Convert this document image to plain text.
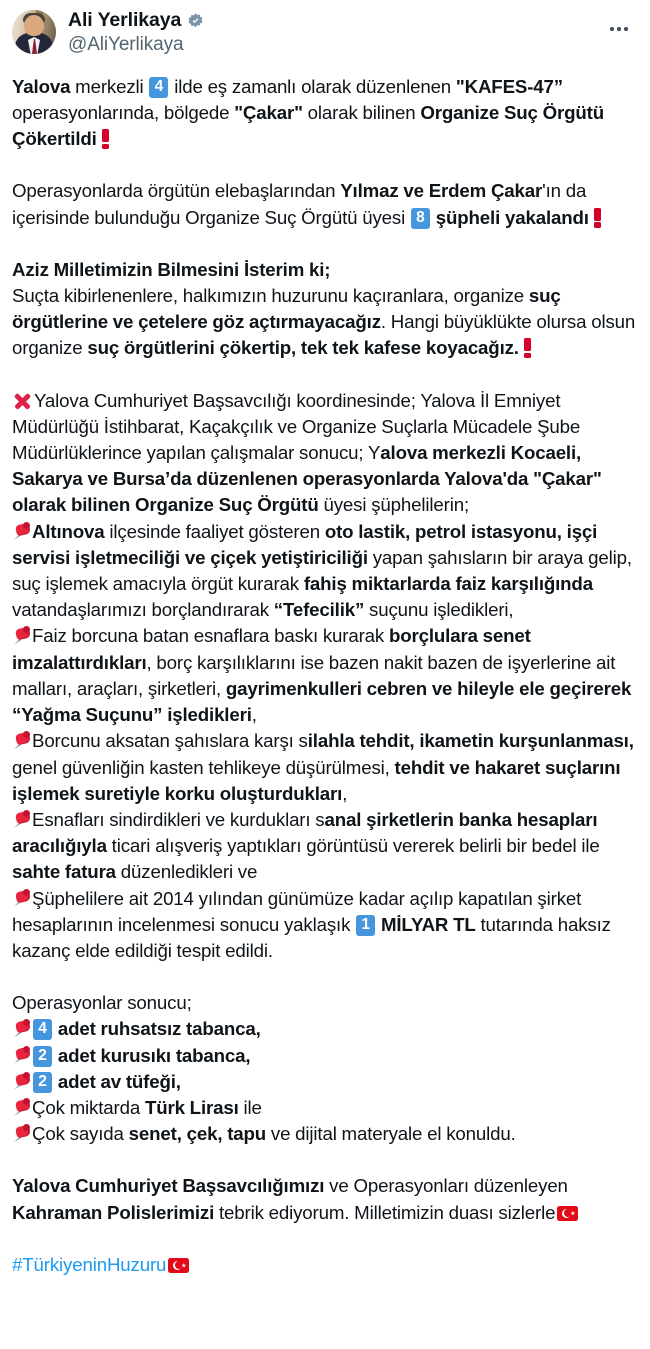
Ali Yerlikaya
@AliYerlikaya
Yalova merkezli 4 ilde eş zamanlı olarak düzenlenen "KAFES-47” operasyonlarında, bölgede "Çakar" olarak bilinen Organize Suç Örgütü Çökertildi
Operasyonlarda örgütün elebaşlarından Yılmaz ve Erdem Çakar'ın da içerisinde bulunduğu Organize Suç Örgütü üyesi 8 şüpheli yakalandı
Aziz Milletimizin Bilmesini İsterim ki;
Suçta kibirlenenlere, halkımızın huzurunu kaçıranlara, organize suç örgütlerine ve çetelere göz açtırmayacağız. Hangi büyüklükte olursa olsun organize suç örgütlerini çökertip, tek tek kafese koyacağız.
Yalova Cumhuriyet Başsavcılığı koordinesinde; Yalova İl Emniyet Müdürlüğü İstihbarat, Kaçakçılık ve Organize Suçlarla Mücadele Şube Müdürlüklerince yapılan çalışmalar sonucu; Yalova merkezli Kocaeli, Sakarya ve Bursa’da düzenlenen operasyonlarda Yalova'da "Çakar" olarak bilinen Organize Suç Örgütü üyesi şüphelilerin;
Altınova ilçesinde faaliyet gösteren oto lastik, petrol istasyonu, işçi servisi işletmeciliği ve çiçek yetiştiriciliği yapan şahısların bir araya gelip, suç işlemek amacıyla örgüt kurarak fahiş miktarlarda faiz karşılığında vatandaşlarımızı borçlandırarak “Tefecilik” suçunu işledikleri,
Faiz borcuna batan esnaflara baskı kurarak borçlulara senet imzalattırdıkları, borç karşılıklarını ise bazen nakit bazen de işyerlerine ait malları, araçları, şirketleri, gayrimenkulleri cebren ve hileyle ele geçirerek “Yağma Suçunu” işledikleri,
Borcunu aksatan şahıslara karşı silahla tehdit, ikametin kurşunlanması, genel güvenliğin kasten tehlikeye düşürülmesi, tehdit ve hakaret suçlarını işlemek suretiyle korku oluşturdukları,
Esnafları sindirdikleri ve kurdukları sanal şirketlerin banka hesapları aracılığıyla ticari alışveriş yaptıkları görüntüsü vererek belirli bir bedel ile sahte fatura düzenledikleri ve
Şüphelilere ait 2014 yılından günümüze kadar açılıp kapatılan şirket hesaplarının incelenmesi sonucu yaklaşık 1 MİLYAR TL tutarında haksız kazanç elde edildiği tespit edildi.
Operasyonlar sonucu;
4 adet ruhsatsız tabanca,
2 adet kurusıkı tabanca,
2 adet av tüfeği,
Çok miktarda Türk Lirası ile
Çok sayıda senet, çek, tapu ve dijital materyale el konuldu.
Yalova Cumhuriyet Başsavcılığımızı ve Operasyonları düzenleyen Kahraman Polislerimizi tebrik ediyorum. Milletimizin duası sizlerle
#TürkiyeninHuzuru
